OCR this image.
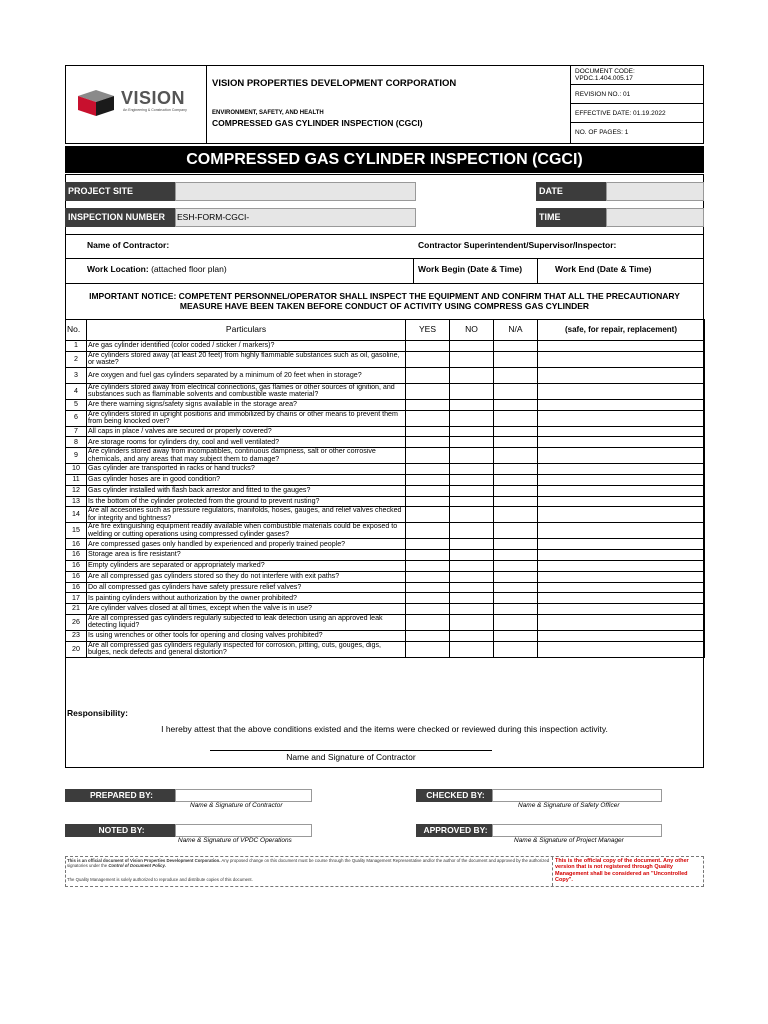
VISION
An Engineering & Construction Company
VISION PROPERTIES DEVELOPMENT CORPORATION
ENVIRONMENT, SAFETY, AND HEALTH
COMPRESSED GAS CYLINDER INSPECTION (CGCI)
DOCUMENT CODE:
VPDC.1.404.005.17
REVISION NO.: 01
EFFECTIVE DATE: 01.19.2022
NO. OF PAGES: 1
COMPRESSED GAS CYLINDER INSPECTION (CGCI)
PROJECT SITE	DATE
INSPECTION NUMBER	ESH-FORM-CGCI-	TIME
Name of Contractor:	Contractor Superintendent/Supervisor/Inspector:
Work Location: (attached floor plan)	Work Begin (Date & Time)	Work End (Date & Time)
IMPORTANT NOTICE: COMPETENT PERSONNEL/OPERATOR SHALL INSPECT THE EQUIPMENT AND CONFIRM THAT ALL THE PRECAUTIONARY MEASURE HAVE BEEN TAKEN BEFORE CONDUCT OF ACTIVITY USING COMPRESS GAS CYLINDER
No.	Particulars	YES	NO	N/A	(safe, for repair, replacement)
1	Are gas cylinder identified (color coded / sticker / markers)?				
2	Are cylinders stored away (at least 20 feet) from highly flammable substances such as oil, gasoline, or waste?				
3	Are oxygen and fuel gas cylinders separated by a minimum of 20 feet when in storage?				
4	Are cylinders stored away from electrical connections, gas flames or other sources of ignition, and substances such as flammable solvents and combustible waste material?				
5	Are there warning signs/safety signs available in the storage area?				
6	Are cylinders stored in upright positions and immobilized by chains or other means to prevent them from being knocked over?				
7	All caps in place / valves are secured or properly covered?				
8	Are storage rooms for cylinders dry, cool and well ventilated?				
9	Are cylinders stored away from incompatibles, continuous dampness, salt or other corrosive chemicals, and any areas that may subject them to damage?				
10	Gas cylinder are transported in racks or hand trucks?				
11	Gas cylinder hoses are in good condition?				
12	Gas cylinder installed with flash back arrestor and fitted to the gauges?				
13	Is the bottom of the cylinder protected from the ground to prevent rusting?				
14	Are all accesories such as pressure regulators, manifolds, hoses, gauges, and relief valves checked for integrity and tightness?				
15	Are fire extinguishing equipment readily available when combustible materials could be exposed to welding or cutting operations using compressed cylinder gases?				
16	Are compressed gases only handled by experienced and properly trained people?				
16	Storage area is fire resistant?				
16	Empty cylinders are separated or appropriately marked?				
16	Are all compressed gas cylinders stored so they do not interfere with exit paths?				
16	Do all compressed gas cylinders have safety pressure relief valves?				
17	Is painting cylinders without authorization by the owner prohibited?				
21	Are cylinder valves closed at all times, except when the valve is in use?				
26	Are all compressed gas cylinders regularly subjected to leak detection using an approved leak detecting liquid?				
23	Is using wrenches or other tools for opening and closing valves prohibited?				
20	Are all compressed gas cylinders regularly inspected for corrosion, pitting, cuts, gouges, digs, bulges, neck defects and general distortion?				
Responsibility:
I hereby attest that the above conditions existed and the items were checked or reviewed during this inspection activity.
Name and Signature of Contractor
PREPARED BY:
Name & Signature of Contractor
CHECKED BY:
Name & Signature of Safety Officer
NOTED BY:
Name & Signature of VPDC Operations
APPROVED BY:
Name & Signature of Project Manager
This is an official document of Vision Properties Development Corporation. Any proposed change on this document must be course through the Quality Management Representative and/or the author of the document and approved by the authorized signatories under the Control of Document Policy.
The Quality Management is solely authorized to reproduce and distribute copies of this document.
This is the official copy of the document. Any other version that is not registered through Quality Management shall be considered an "Uncontrolled Copy".
